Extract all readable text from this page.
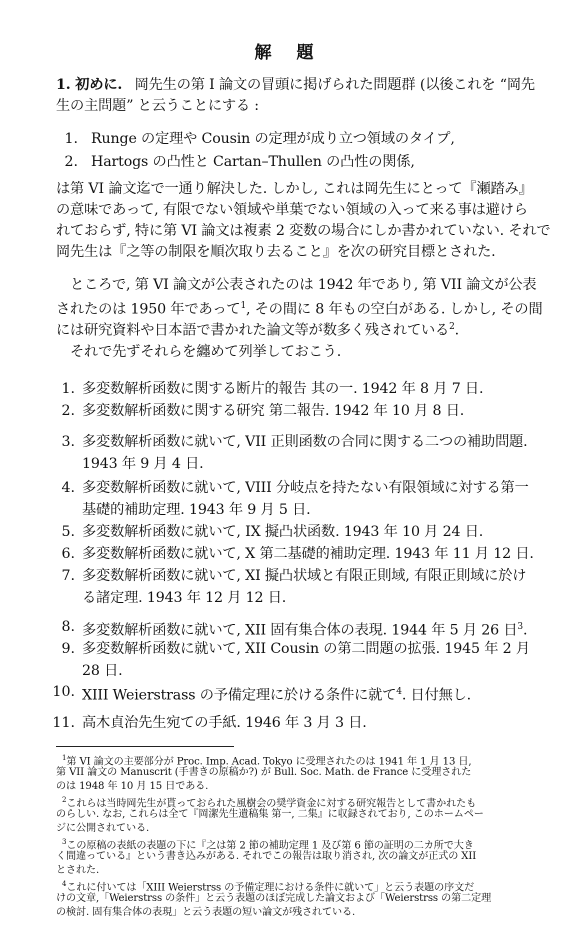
解　題
1. 初めに. 岡先生の第 I 論文の冒頭に掲げられた問題群 (以後これを “岡先
生の主問題” と云うことにする :
1. Runge の定理や Cousin の定理が成り立つ領域のタイプ,
2. Hartogs の凸性と Cartan–Thullen の凸性の関係,
は第 VI 論文迄で一通り解決した. しかし, これは岡先生にとって『瀬踏み』
の意味であって, 有限でない領域や単葉でない領域の入って来る事は避けら
れておらず, 特に第 VI 論文は複素 2 変数の場合にしか書かれていない. それで
岡先生は『之等の制限を順次取り去ること』を次の研究目標とされた.
ところで, 第 VI 論文が公表されたのは 1942 年であり, 第 VII 論文が公表
されたのは 1950 年であって$^1$, その間に 8 年もの空白がある. しかし, その間
には研究資料や日本語で書かれた論文等が数多く残されている$^2$.
それで先ずそれらを纏めて列挙しておこう.
1. 多変数解析函数に関する断片的報告 其の一. 1942 年 8 月 7 日.
2. 多変数解析函数に関する研究 第二報告. 1942 年 10 月 8 日.
3. 多変数解析函数に就いて, VII 正則函数の合同に関する二つの補助問題.
1943 年 9 月 4 日.
4. 多変数解析函数に就いて, VIII 分岐点を持たない有限領域に対する第一
基礎的補助定理. 1943 年 9 月 5 日.
5. 多変数解析函数に就いて, IX 擬凸状函数. 1943 年 10 月 24 日.
6. 多変数解析函数に就いて, X 第二基礎的補助定理. 1943 年 11 月 12 日.
7. 多変数解析函数に就いて, XI 擬凸状域と有限正則域, 有限正則域に於け
る諸定理. 1943 年 12 月 12 日.
8. 多変数解析函数に就いて, XII 固有集合体の表現. 1944 年 5 月 26 日$^3$.
9. 多変数解析函数に就いて, XII Cousin の第二問題の拡張. 1945 年 2 月
28 日.
10. XIII Weierstrass の予備定理に於ける条件に就て$^4$. 日付無し.
11. 高木貞治先生宛ての手紙. 1946 年 3 月 3 日.
$^1$第 VI 論文の主要部分が Proc. Imp. Acad. Tokyo に受理されたのは 1941 年 1 月 13 日,
第 VII 論文の Manuscrit (手書きの原稿か?) が Bull. Soc. Math. de France に受理された
のは 1948 年 10 月 15 日である.
$^2$これらは当時岡先生が貰っておられた風樹会の奨学資金に対する研究報告として書かれたも
のらしい. なお, これらは全て『岡潔先生遺稿集 第一, 二集』に収録されており, このホームペー
ジに公開されている.
$^3$この原稿の表紙の表題の下に『之は第 2 節の補助定理 1 及び第 6 節の証明の二カ所で大き
く間違っている』という書き込みがある. それでこの報告は取り消され, 次の論文が正式の XII
とされた.
$^4$これに付いては「XIII Weierstrss の予備定理における条件に就いて」と云う表題の序文だ
けの文章,「Weierstrss の条件」と云う表題のほぼ完成した論文および「Weierstrss の第二定理
の検討. 固有集合体の表現」と云う表題の短い論文が残されている.
